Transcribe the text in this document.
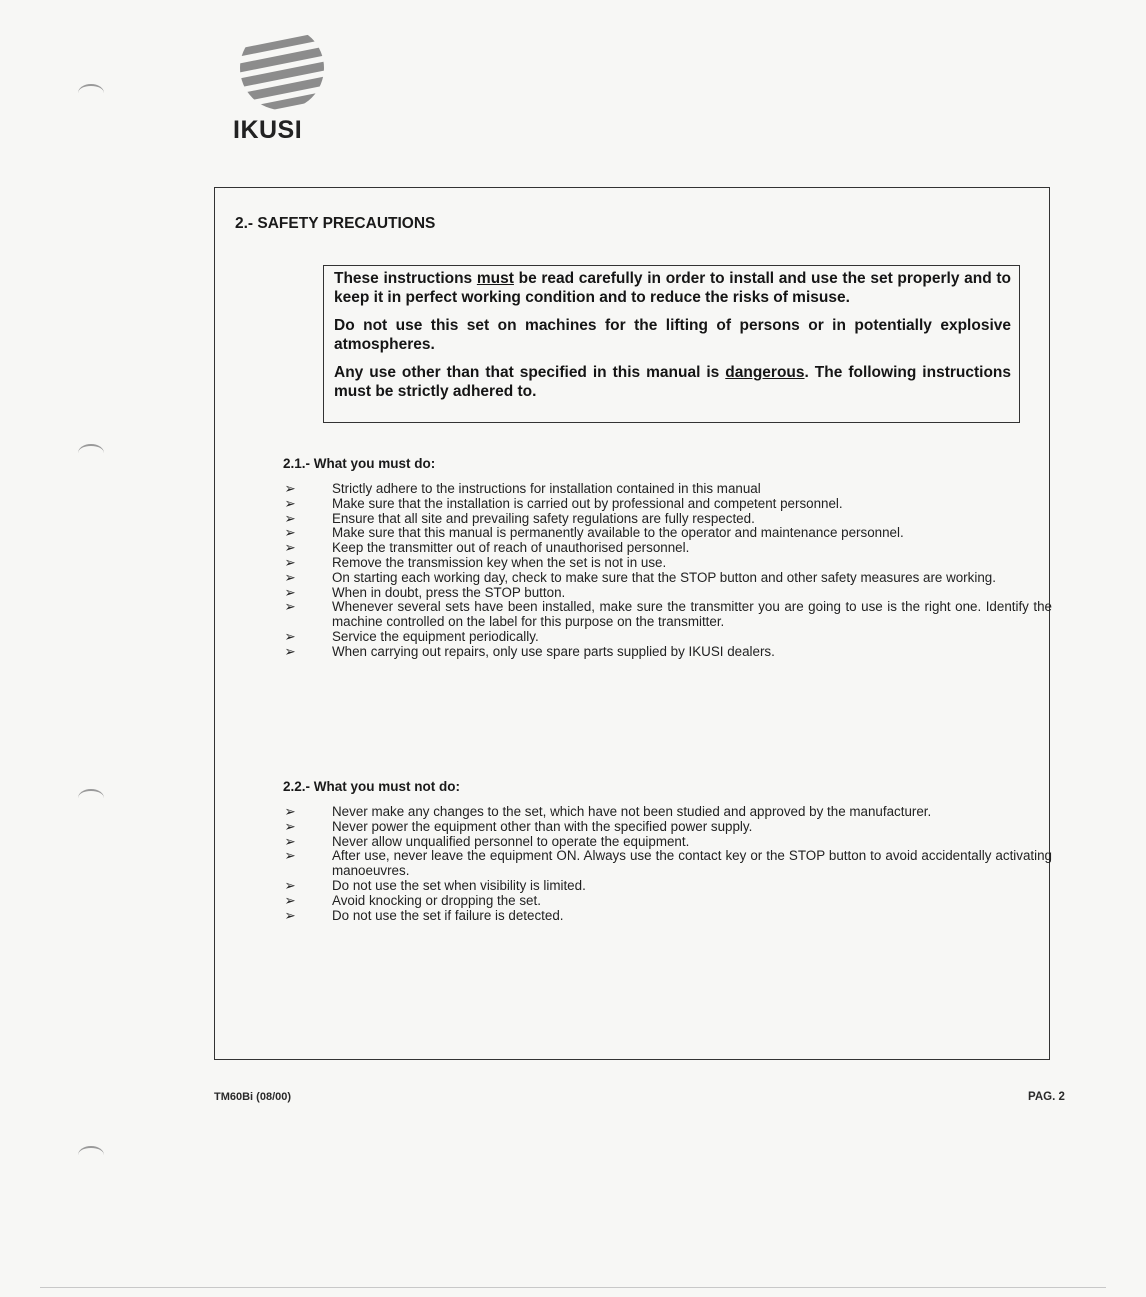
IKUSI
2.- SAFETY PRECAUTIONS

These instructions must be read carefully in order to install and use the set properly and to keep it in perfect working condition and to reduce the risks of misuse.

Do not use this set on machines for the lifting of persons or in potentially explosive atmospheres.

Any use other than that specified in this manual is dangerous. The following instructions must be strictly adhered to.

2.1.- What you must do:
➢	Strictly adhere to the instructions for installation contained in this manual
➢	Make sure that the installation is carried out by professional and competent personnel.
➢	Ensure that all site and prevailing safety regulations are fully respected.
➢	Make sure that this manual is permanently available to the operator and maintenance personnel.
➢	Keep the transmitter out of reach of unauthorised personnel.
➢	Remove the transmission key when the set is not in use.
➢	On starting each working day, check to make sure that the STOP button and other safety measures are working.
➢	When in doubt, press the STOP button.
➢	Whenever several sets have been installed, make sure the transmitter you are going to use is the right one. Identify the machine controlled on the label for this purpose on the transmitter.
➢	Service the equipment periodically.
➢	When carrying out repairs, only use spare parts supplied by IKUSI dealers.
2.2.- What you must not do:
➢	Never make any changes to the set, which have not been studied and approved by the manufacturer.
➢	Never power the equipment other than with the specified power supply.
➢	Never allow unqualified personnel to operate the equipment.
➢	After use, never leave the equipment ON. Always use the contact key or the STOP button to avoid accidentally activating manoeuvres.
➢	Do not use the set when visibility is limited.
➢	Avoid knocking or dropping the set.
➢	Do not use the set if failure is detected.
TM60Bi (08/00)	PAG. 2
